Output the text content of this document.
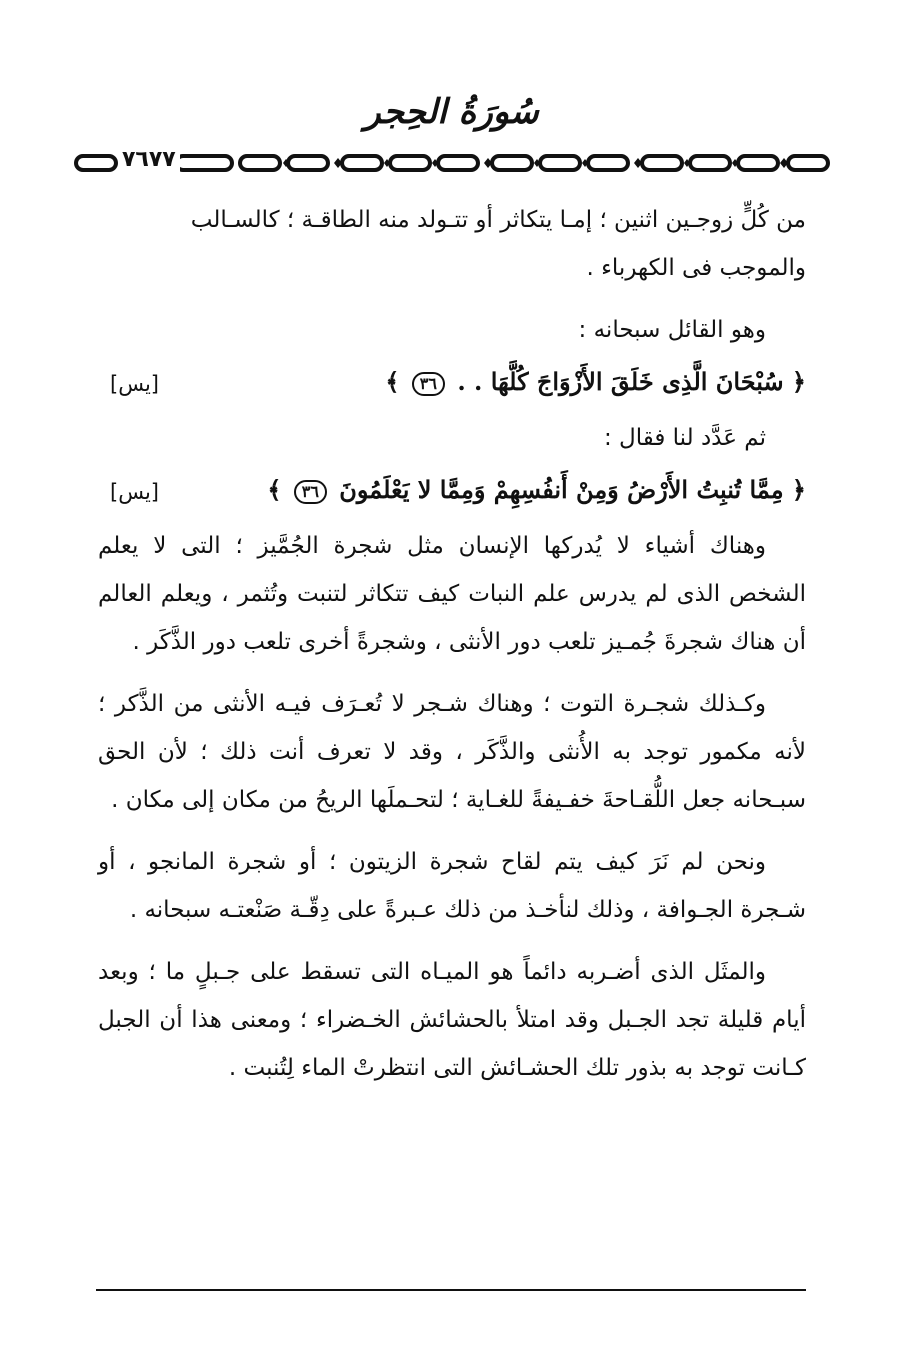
سُورَةُ الحِجر
٧٦٧٧

من كُلٍّ زوجـين اثنين ؛ إمـا يتكاثر أو تتـولد منه الطاقـة ؛ كالسـالب

والموجب فى الكهرباء .

وهو القائل سبحانه :

﴿ سُبْحَانَ الَّذِى خَلَقَ الأَزْوَاجَ كُلَّهَا . . ٣٦ ﴾
[يس]

ثم عَدَّد لنا فقال :

﴿ مِمَّا تُنبِتُ الأَرْضُ وَمِنْ أَنفُسِهِمْ وَمِمَّا لا يَعْلَمُونَ ٣٦ ﴾
[يس]

وهناك أشياء لا يُدركها الإنسان مثل شجرة الجُمَّيز ؛ التى لا يعلم الشخص الذى لم يدرس علم النبات كيف تتكاثر لتنبت وتُثمر ، ويعلم العالم أن هناك شجرةَ جُمـيز تلعب دور الأنثى ، وشجرةً أخرى تلعب دور الذَّكَر .

وكـذلك شجـرة التوت ؛ وهناك شـجر لا تُعـرَف فيـه الأنثى من الذَّكر ؛ لأنه مكمور توجد به الأُنثى والذَّكَر ، وقد لا تعرف أنت ذلك ؛ لأن الحق سبـحانه جعل اللُّقـاحةَ خفـيفةً للغـاية ؛ لتحـملَها الريحُ من مكان إلى مكان .

ونحن لم نَرَ كيف يتم لقاح شجرة الزيتون ؛ أو شجرة المانجو ، أو شـجرة الجـوافة ، وذلك لنأخـذ من ذلك عـبرةً على دِقّـة صَنْعتـه سبحانه .

والمثَل الذى أضـربه دائماً هو الميـاه التى تسقط على جـبلٍ ما ؛ وبعد أيام قليلة تجد الجـبل وقد امتلأ بالحشائش الخـضراء ؛ ومعنى هذا أن الجبل كـانت توجد به بذور تلك الحشـائش التى انتظرتْ الماء لِتُنبت .
